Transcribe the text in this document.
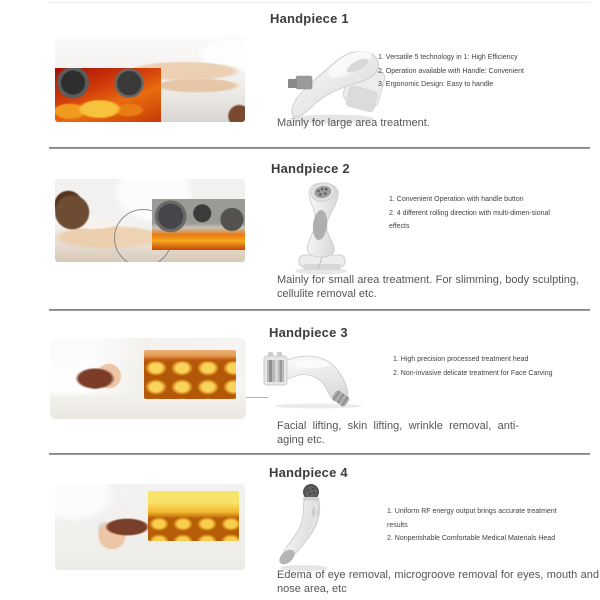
Handpiece 1
1. Versatile 5 technology in 1: High Efficiency
2. Operation available with Handle: Convenient
3. Ergonomic Design: Easy to handle

Mainly for large area treatment.

Handpiece 2
1. Convenient Operation with handle button
2. 4 different rolling direction with multi-dimen-sional
effects

Mainly for small area treatment. For slimming, body sculpting, cellulite removal etc.

Handpiece 3
1. High precision processed treatment head
2. Non-invasive delicate treatment for Face Carving

Facial lifting, skin lifting, wrinkle removal, anti-aging etc.

Handpiece 4
1. Uniform RF energy output brings accurate treatment
results
2. Nonperishable Comfortable Medical Materials Head

Edema of eye removal, microgroove removal for eyes, mouth and nose area, etc
